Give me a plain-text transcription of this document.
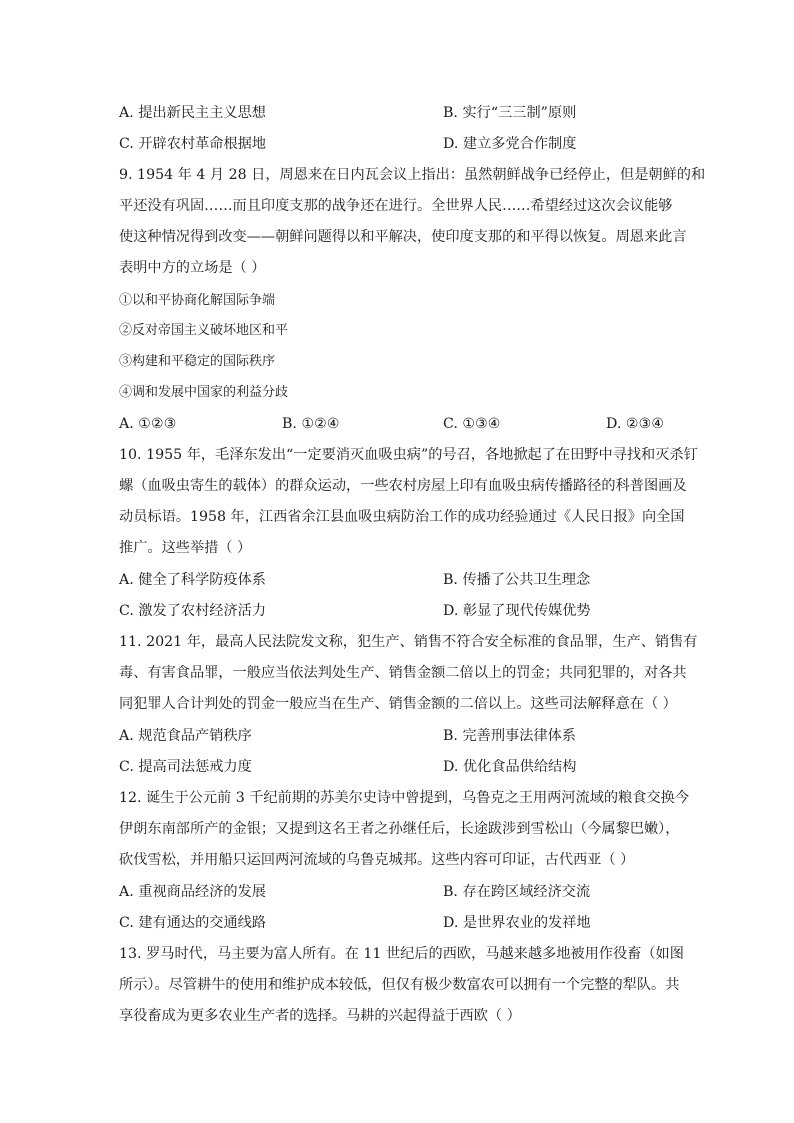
A. 提出新民主主义思想	B. 实行“三三制”原则
C. 开辟农村革命根据地	D. 建立多党合作制度
9. 1954 年 4 月 28 日，周恩来在日内瓦会议上指出：虽然朝鲜战争已经停止，但是朝鲜的和
平还没有巩固……而且印度支那的战争还在进行。全世界人民……希望经过这次会议能够
使这种情况得到改变——朝鲜问题得以和平解决，使印度支那的和平得以恢复。周恩来此言
表明中方的立场是（ ）
①以和平协商化解国际争端
②反对帝国主义破坏地区和平
③构建和平稳定的国际秩序
④调和发展中国家的利益分歧
A. ①②③	B. ①②④	C. ①③④	D. ②③④
10. 1955 年，毛泽东发出“一定要消灭血吸虫病”的号召，各地掀起了在田野中寻找和灭杀钉
螺（血吸虫寄生的载体）的群众运动，一些农村房屋上印有血吸虫病传播路径的科普图画及
动员标语。1958 年，江西省余江县血吸虫病防治工作的成功经验通过《人民日报》向全国
推广。这些举措（ ）
A. 健全了科学防疫体系	B. 传播了公共卫生理念
C. 激发了农村经济活力	D. 彰显了现代传媒优势
11. 2021 年，最高人民法院发文称，犯生产、销售不符合安全标准的食品罪，生产、销售有
毒、有害食品罪，一般应当依法判处生产、销售金额二倍以上的罚金；共同犯罪的，对各共
同犯罪人合计判处的罚金一般应当在生产、销售金额的二倍以上。这些司法解释意在（ ）
A. 规范食品产销秩序	B. 完善刑事法律体系
C. 提高司法惩戒力度	D. 优化食品供给结构
12. 诞生于公元前 3 千纪前期的苏美尔史诗中曾提到，乌鲁克之王用两河流域的粮食交换今
伊朗东南部所产的金银；又提到这名王者之孙继任后，长途跋涉到雪松山（今属黎巴嫩），
砍伐雪松，并用船只运回两河流域的乌鲁克城邦。这些内容可印证，古代西亚（ ）
A. 重视商品经济的发展	B. 存在跨区域经济交流
C. 建有通达的交通线路	D. 是世界农业的发祥地
13. 罗马时代，马主要为富人所有。在 11 世纪后的西欧，马越来越多地被用作役畜（如图
所示）。尽管耕牛的使用和维护成本较低，但仅有极少数富农可以拥有一个完整的犁队。共
享役畜成为更多农业生产者的选择。马耕的兴起得益于西欧（ ）
